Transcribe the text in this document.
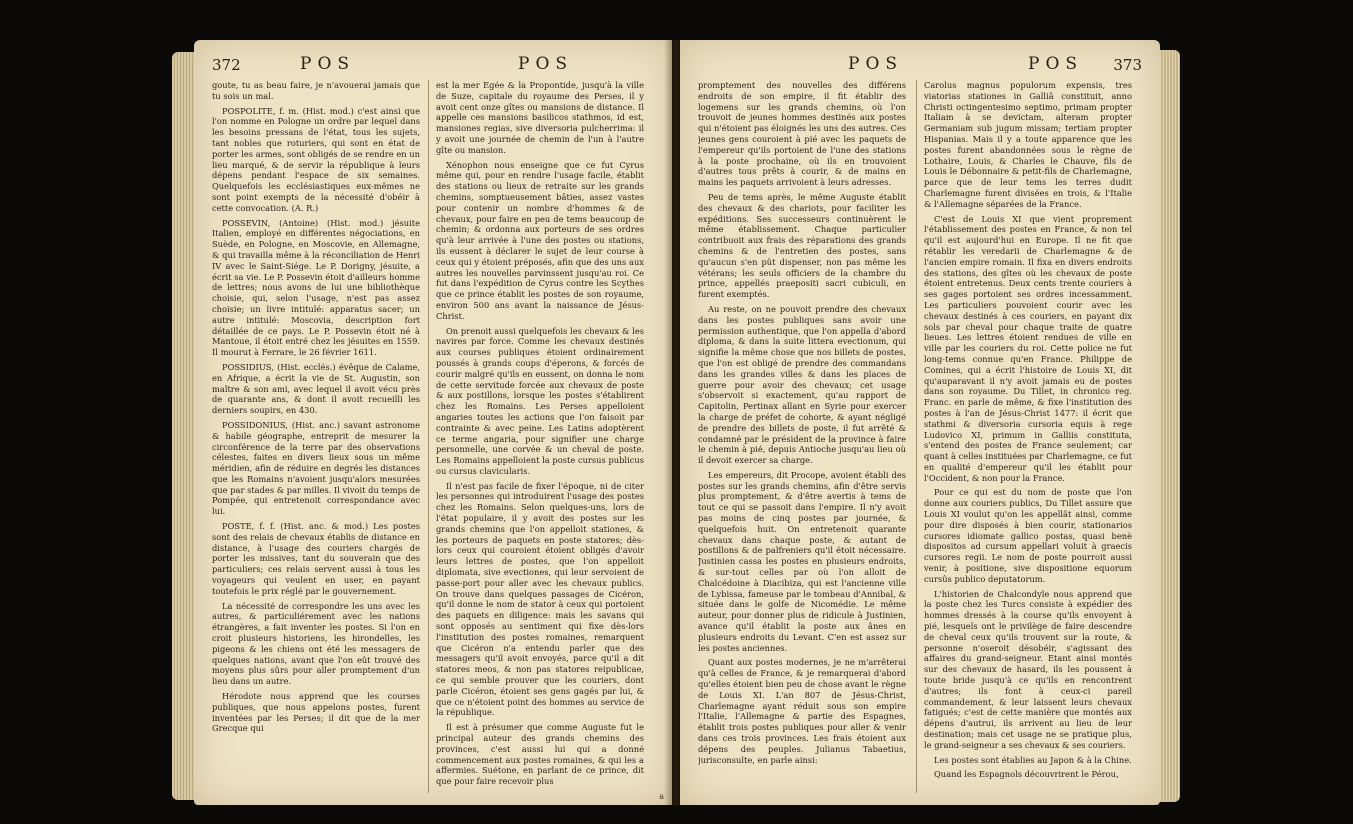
372	POS	POS

goute, tu as beau faire, je n'avouerai jamais que tu sois un mal.

POSPOLITE, f. m. (Hist. mod.) c'est ainsi que l'on nomme en Pologne un ordre par lequel dans les besoins pressans de l'état, tous les sujets, tant nobles que roturiers, qui sont en état de porter les armes, sont obligés de se rendre en un lieu marqué, & de servir la république à leurs dépens pendant l'espace de six semaines. Quelquefois les ecclésiastiques eux-mêmes ne sont point exempts de la nécessité d'obéir à cette convocation. (A. R.)

POSSEVIN, (Antoine) (Hist. mod.) jésuite Italien, employé en différentes négociations, en Suède, en Pologne, en Moscovie, en Allemagne, & qui travailla même à la réconciliation de Henri IV avec le Saint-Siége. Le P. Dorigny, jésuite, a écrit sa vie. Le P. Possevin étoit d'ailleurs homme de lettres; nous avons de lui une bibliothèque choisie, qui, selon l'usage, n'est pas assez choisie; un livre intitulé: apparatus sacer; un autre intitulé: Moscovia, description fort détaillée de ce pays. Le P. Possevin étoit né à Mantoue, il étoit entré chez les jésuites en 1559. Il mourut à Ferrare, le 26 février 1611.

POSSIDIUS, (Hist. ecclés.) évêque de Calame, en Afrique, a écrit la vie de St. Augustin, son maître & son ami, avec lequel il avoit vécu près de quarante ans, & dont il avoit recueilli les derniers soupirs, en 430.

POSSIDONIUS, (Hist. anc.) savant astronome & habile géographe, entreprit de mesurer la circonférence de la terre par des observations célestes, faites en divers lieux sous un même méridien, afin de réduire en degrés les distances que les Romains n'avoient jusqu'alors mesurées que par stades & par milles. Il vivoit du temps de Pompée, qui entretenoit correspondance avec lui.

POSTE, f. f. (Hist. anc. & mod.) Les postes sont des relais de chevaux établis de distance en distance, à l'usage des couriers chargés de porter les missives, tant du souverain que des particuliers; ces relais servent aussi à tous les voyageurs qui veulent en user, en payant toutefois le prix réglé par le gouvernement.

La nécessité de correspondre les uns avec les autres, & particuliérement avec les nations étrangères, a fait inventer les postes. Si l'on en croit plusieurs historiens, les hirondelles, les pigeons & les chiens ont été les messagers de quelques nations, avant que l'on eût trouvé des moyens plus sûrs pour aller promptement d'un lieu dans un autre.

Hérodote nous apprend que les courses publiques, que nous appelons postes, furent inventées par les Perses; il dit que de la mer Grecque qui

est la mer Egée & la Propontide, jusqu'à la ville de Suze, capitale du royaume des Perses, il y avoit cent onze gîtes ou mansions de distance. Il appelle ces mansions basilicos stathmos, id est, mansiones regias, sive diversoria pulcherrima: il y avoit une journée de chemin de l'un à l'autre gîte ou mansion.

Xénophon nous enseigne que ce fut Cyrus même qui, pour en rendre l'usage facile, établit des stations ou lieux de retraite sur les grands chemins, somptueusement bâties, assez vastes pour contenir un nombre d'hommes & de chevaux, pour faire en peu de tems beaucoup de chemin; & ordonna aux porteurs de ses ordres qu'à leur arrivée à l'une des postes ou stations, ils eussent à déclarer le sujet de leur course à ceux qui y étoient préposés, afin que des uns aux autres les nouvelles parvinssent jusqu'au roi. Ce fut dans l'expédition de Cyrus contre les Scythes que ce prince établit les postes de son royaume, environ 500 ans avant la naissance de Jésus-Christ.

On prenoit aussi quelquefois les chevaux & les navires par force. Comme les chevaux destinés aux courses publiques étoient ordinairement poussés à grands coups d'éperons, & forcés de courir malgré qu'ils en eussent, on donna le nom de cette servitude forcée aux chevaux de poste & aux postillons, lorsque les postes s'établirent chez les Romains. Les Perses appelloient angaries toutes les actions que l'on faisoit par contrainte & avec peine. Les Latins adoptèrent ce terme angaria, pour signifier une charge personnelle, une corvée & un cheval de poste. Les Romains appelloient la poste cursus publicus ou cursus clavicularis.

Il n'est pas facile de fixer l'époque, ni de citer les personnes qui introduirent l'usage des postes chez les Romains. Selon quelques-uns, lors de l'état populaire, il y avoit des postes sur les grands chemins que l'on appelloit stationes, & les porteurs de paquets en poste statores; dès-lors ceux qui couroient étoient obligés d'avoir leurs lettres de postes, que l'on appelloit diplomata, sive evectiones, qui leur servoient de passe-port pour aller avec les chevaux publics. On trouve dans quelques passages de Cicéron, qu'il donne le nom de stator à ceux qui portoient des paquets en diligence: mais les savans qui sont opposés au sentiment qui fixe dès-lors l'institution des postes romaines, remarquent que Cicéron n'a entendu parler que des messagers qu'il avoit envoyés, parce qu'il a dit statores meos, & non pas statores reipublicae, ce qui semble prouver que les couriers, dont parle Cicéron, étoient ses gens gagés par lui, & que ce n'étoient point des hommes au service de la république.

Il est à présumer que comme Auguste fut le principal auteur des grands chemins des provinces, c'est aussi lui qui a donné commencement aux postes romaines, & qui les a affermies. Suétone, en parlant de ce prince, dit que pour faire recevoir plus

a
POS	POS 373

promptement des nouvelles des différens endroits de son empire, il fit établir des logemens sur les grands chemins, où l'on trouvoit de jeunes hommes destinés aux postes qui n'étoient pas éloignés les uns des autres. Ces jeunes gens couroient à pié avec les paquets de l'empereur qu'ils portoient de l'une des stations à la poste prochaine, où ils en trouvoient d'autres tous prêts à courir, & de mains en mains les paquets arrivoient à leurs adresses.

Peu de tems après, le même Auguste établit des chevaux & des chariots, pour faciliter les expéditions. Ses successeurs continuèrent le même établissement. Chaque particulier contribuoit aux frais des réparations des grands chemins & de l'entretien des postes, sans qu'aucun s'en pût dispenser, non pas même les vétérans; les seuls officiers de la chambre du prince, appellés praepositi sacri cubiculi, en furent exemptés.

Au reste, on ne pouvoit prendre des chevaux dans les postes publiques sans avoir une permission authentique, que l'on appella d'abord diploma, & dans la suite littera evectionum, qui signifie la même chose que nos billets de postes, que l'on est obligé de prendre des commandans dans les grandes villes & dans les places de guerre pour avoir des chevaux; cet usage s'observoit si exactement, qu'au rapport de Capitolin, Pertinax allant en Syrie pour exercer la charge de préfet de cohorte, & ayant négligé de prendre des billets de poste, il fut arrêté & condamné par le président de la province à faire le chemin à pié, depuis Antioche jusqu'au lieu où il devoit exercer sa charge.

Les empereurs, dit Procope, avoient établi des postes sur les grands chemins, afin d'être servis plus promptement, & d'être avertis à tems de tout ce qui se passoit dans l'empire. Il n'y avoit pas moins de cinq postes par journée, & quelquefois huit. On entretenoit quarante chevaux dans chaque poste, & autant de postillons & de palfreniers qu'il étoit nécessaire. Justinien cassa les postes en plusieurs endroits, & sur-tout celles par où l'on alloit de Chalcédoine à Diacibiza, qui est l'ancienne ville de Lybissa, fameuse par le tombeau d'Annibal, & située dans le golfe de Nicomédie. Le même auteur, pour donner plus de ridicule à Justinien, avance qu'il établit la poste aux ânes en plusieurs endroits du Levant. C'en est assez sur les postes anciennes.

Quant aux postes modernes, je ne m'arrêterai qu'à celles de France, & je remarquerai d'abord qu'elles étoient bien peu de chose avant le règne de Louis XI. L'an 807 de Jésus-Christ, Charlemagne ayant réduit sous son empire l'Italie, l'Allemagne & partie des Espagnes, établit trois postes publiques pour aller & venir dans ces trois provinces. Les frais étoient aux dépens des peuples. Julianus Tabaetius, jurisconsulte, en parle ainsi:

Carolus magnus populorum expensis, tres viatorias stationes in Galliâ constituit, anno Christi octingentesimo septimo, primam propter Italiam à se devictam, alteram propter Germaniam sub jugum missam; tertiam propter Hispanias. Mais il y a toute apparence que les postes furent abandonnées sous le règne de Lothaire, Louis, & Charles le Chauve, fils de Louis le Débonnaire & petit-fils de Charlemagne, parce que de leur tems les terres dudit Charlemagne furent divisées en trois, & l'Italie & l'Allemagne séparées de la France.

C'est de Louis XI que vient proprement l'établissement des postes en France, & non tel qu'il est aujourd'hui en Europe. Il ne fit que rétablir les veredarii de Charlemagne & de l'ancien empire romain. Il fixa en divers endroits des stations, des gîtes où les chevaux de poste étoient entretenus. Deux cents trente couriers à ses gages portoient ses ordres incessamment. Les particuliers pouvoient courir avec les chevaux destinés à ces couriers, en payant dix sols par cheval pour chaque traite de quatre lieues. Les lettres étoient rendues de ville en ville par les couriers du roi. Cette police ne fut long-tems connue qu'en France. Philippe de Comines, qui a écrit l'histoire de Louis XI, dit qu'auparavant il n'y avoit jamais eu de postes dans son royaume. Du Tillet, in chronico reg. Franc. en parle de même, & fixe l'institution des postes à l'an de Jésus-Christ 1477: il écrit que stathmi & diversoria cursoria equis à rege Ludovico XI, primum in Galliis constituta, s'entend des postes de France seulement; car quant à celles instituées par Charlemagne, ce fut en qualité d'empereur qu'il les établit pour l'Occident, & non pour la France.

Pour ce qui est du nom de poste que l'on donne aux couriers publics, Du Tillet assure que Louis XI voulut qu'on les appellât ainsi, comme pour dire disposés à bien courir, stationarios cursores idiomate gallico postas, quasi benè dispositos ad cursum appellari voluit à graecis cursores regii. Le nom de poste pourroit aussi venir, à positione, sive dispositione equorum cursûs publico deputatorum.

L'historien de Chalcondyle nous apprend que la poste chez les Turcs consiste à expédier des hommes dressés à la course qu'ils envoyent à pié, lesquels ont le privilège de faire descendre de cheval ceux qu'ils trouvent sur la route, & personne n'oseroit désobéir, s'agissant des affaires du grand-seigneur. Etant ainsi montés sur des chevaux de hasard, ils les poussent à toute bride jusqu'à ce qu'ils en rencontrent d'autres; ils font à ceux-ci pareil commandement, & leur laissent leurs chevaux fatigués; c'est de cette manière que montés aux dépens d'autrui, ils arrivent au lieu de leur destination; mais cet usage ne se pratique plus, le grand-seigneur a ses chevaux & ses couriers.

Les postes sont établies au Japon & à la Chine.

Quand les Espagnols découvrirent le Pérou,
